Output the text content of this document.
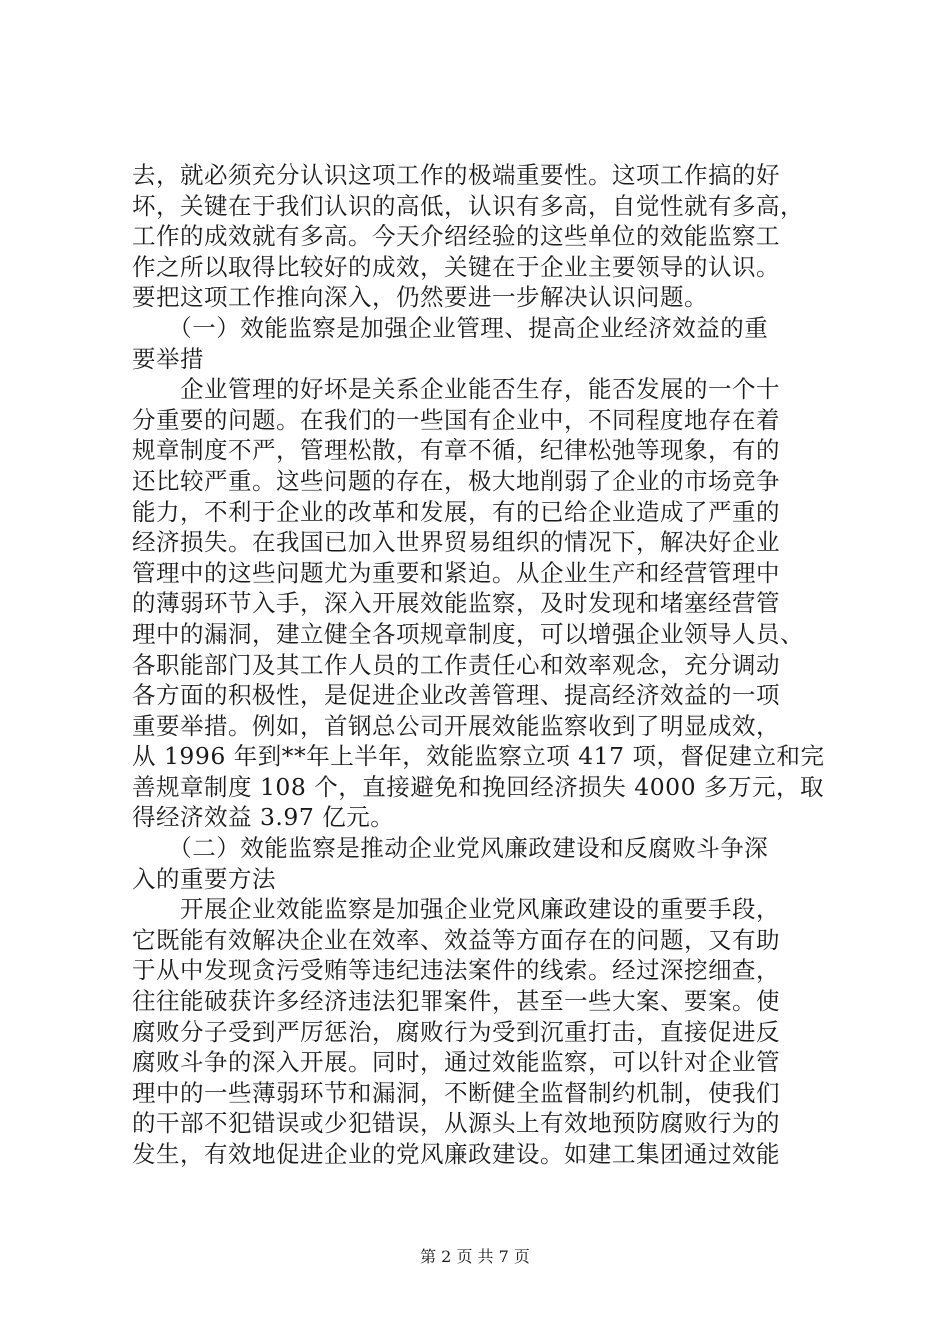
去，就必须充分认识这项工作的极端重要性。这项工作搞的好
坏，关键在于我们认识的高低，认识有多高，自觉性就有多高，
工作的成效就有多高。今天介绍经验的这些单位的效能监察工
作之所以取得比较好的成效，关键在于企业主要领导的认识。
要把这项工作推向深入，仍然要进一步解决认识问题。
　　（一）效能监察是加强企业管理、提高企业经济效益的重
要举措
　　企业管理的好坏是关系企业能否生存，能否发展的一个十
分重要的问题。在我们的一些国有企业中，不同程度地存在着
规章制度不严，管理松散，有章不循，纪律松弛等现象，有的
还比较严重。这些问题的存在，极大地削弱了企业的市场竞争
能力，不利于企业的改革和发展，有的已给企业造成了严重的
经济损失。在我国已加入世界贸易组织的情况下，解决好企业
管理中的这些问题尤为重要和紧迫。从企业生产和经营管理中
的薄弱环节入手，深入开展效能监察，及时发现和堵塞经营管
理中的漏洞，建立健全各项规章制度，可以增强企业领导人员、
各职能部门及其工作人员的工作责任心和效率观念，充分调动
各方面的积极性，是促进企业改善管理、提高经济效益的一项
重要举措。例如，首钢总公司开展效能监察收到了明显成效，
从 1996 年到**年上半年，效能监察立项 417 项，督促建立和完
善规章制度 108 个，直接避免和挽回经济损失 4000 多万元，取
得经济效益 3.97 亿元。
　　（二）效能监察是推动企业党风廉政建设和反腐败斗争深
入的重要方法
　　开展企业效能监察是加强企业党风廉政建设的重要手段，
它既能有效解决企业在效率、效益等方面存在的问题，又有助
于从中发现贪污受贿等违纪违法案件的线索。经过深挖细查，
往往能破获许多经济违法犯罪案件，甚至一些大案、要案。使
腐败分子受到严厉惩治，腐败行为受到沉重打击，直接促进反
腐败斗争的深入开展。同时，通过效能监察，可以针对企业管
理中的一些薄弱环节和漏洞，不断健全监督制约机制，使我们
的干部不犯错误或少犯错误，从源头上有效地预防腐败行为的
发生，有效地促进企业的党风廉政建设。如建工集团通过效能
第 2 页 共 7 页
